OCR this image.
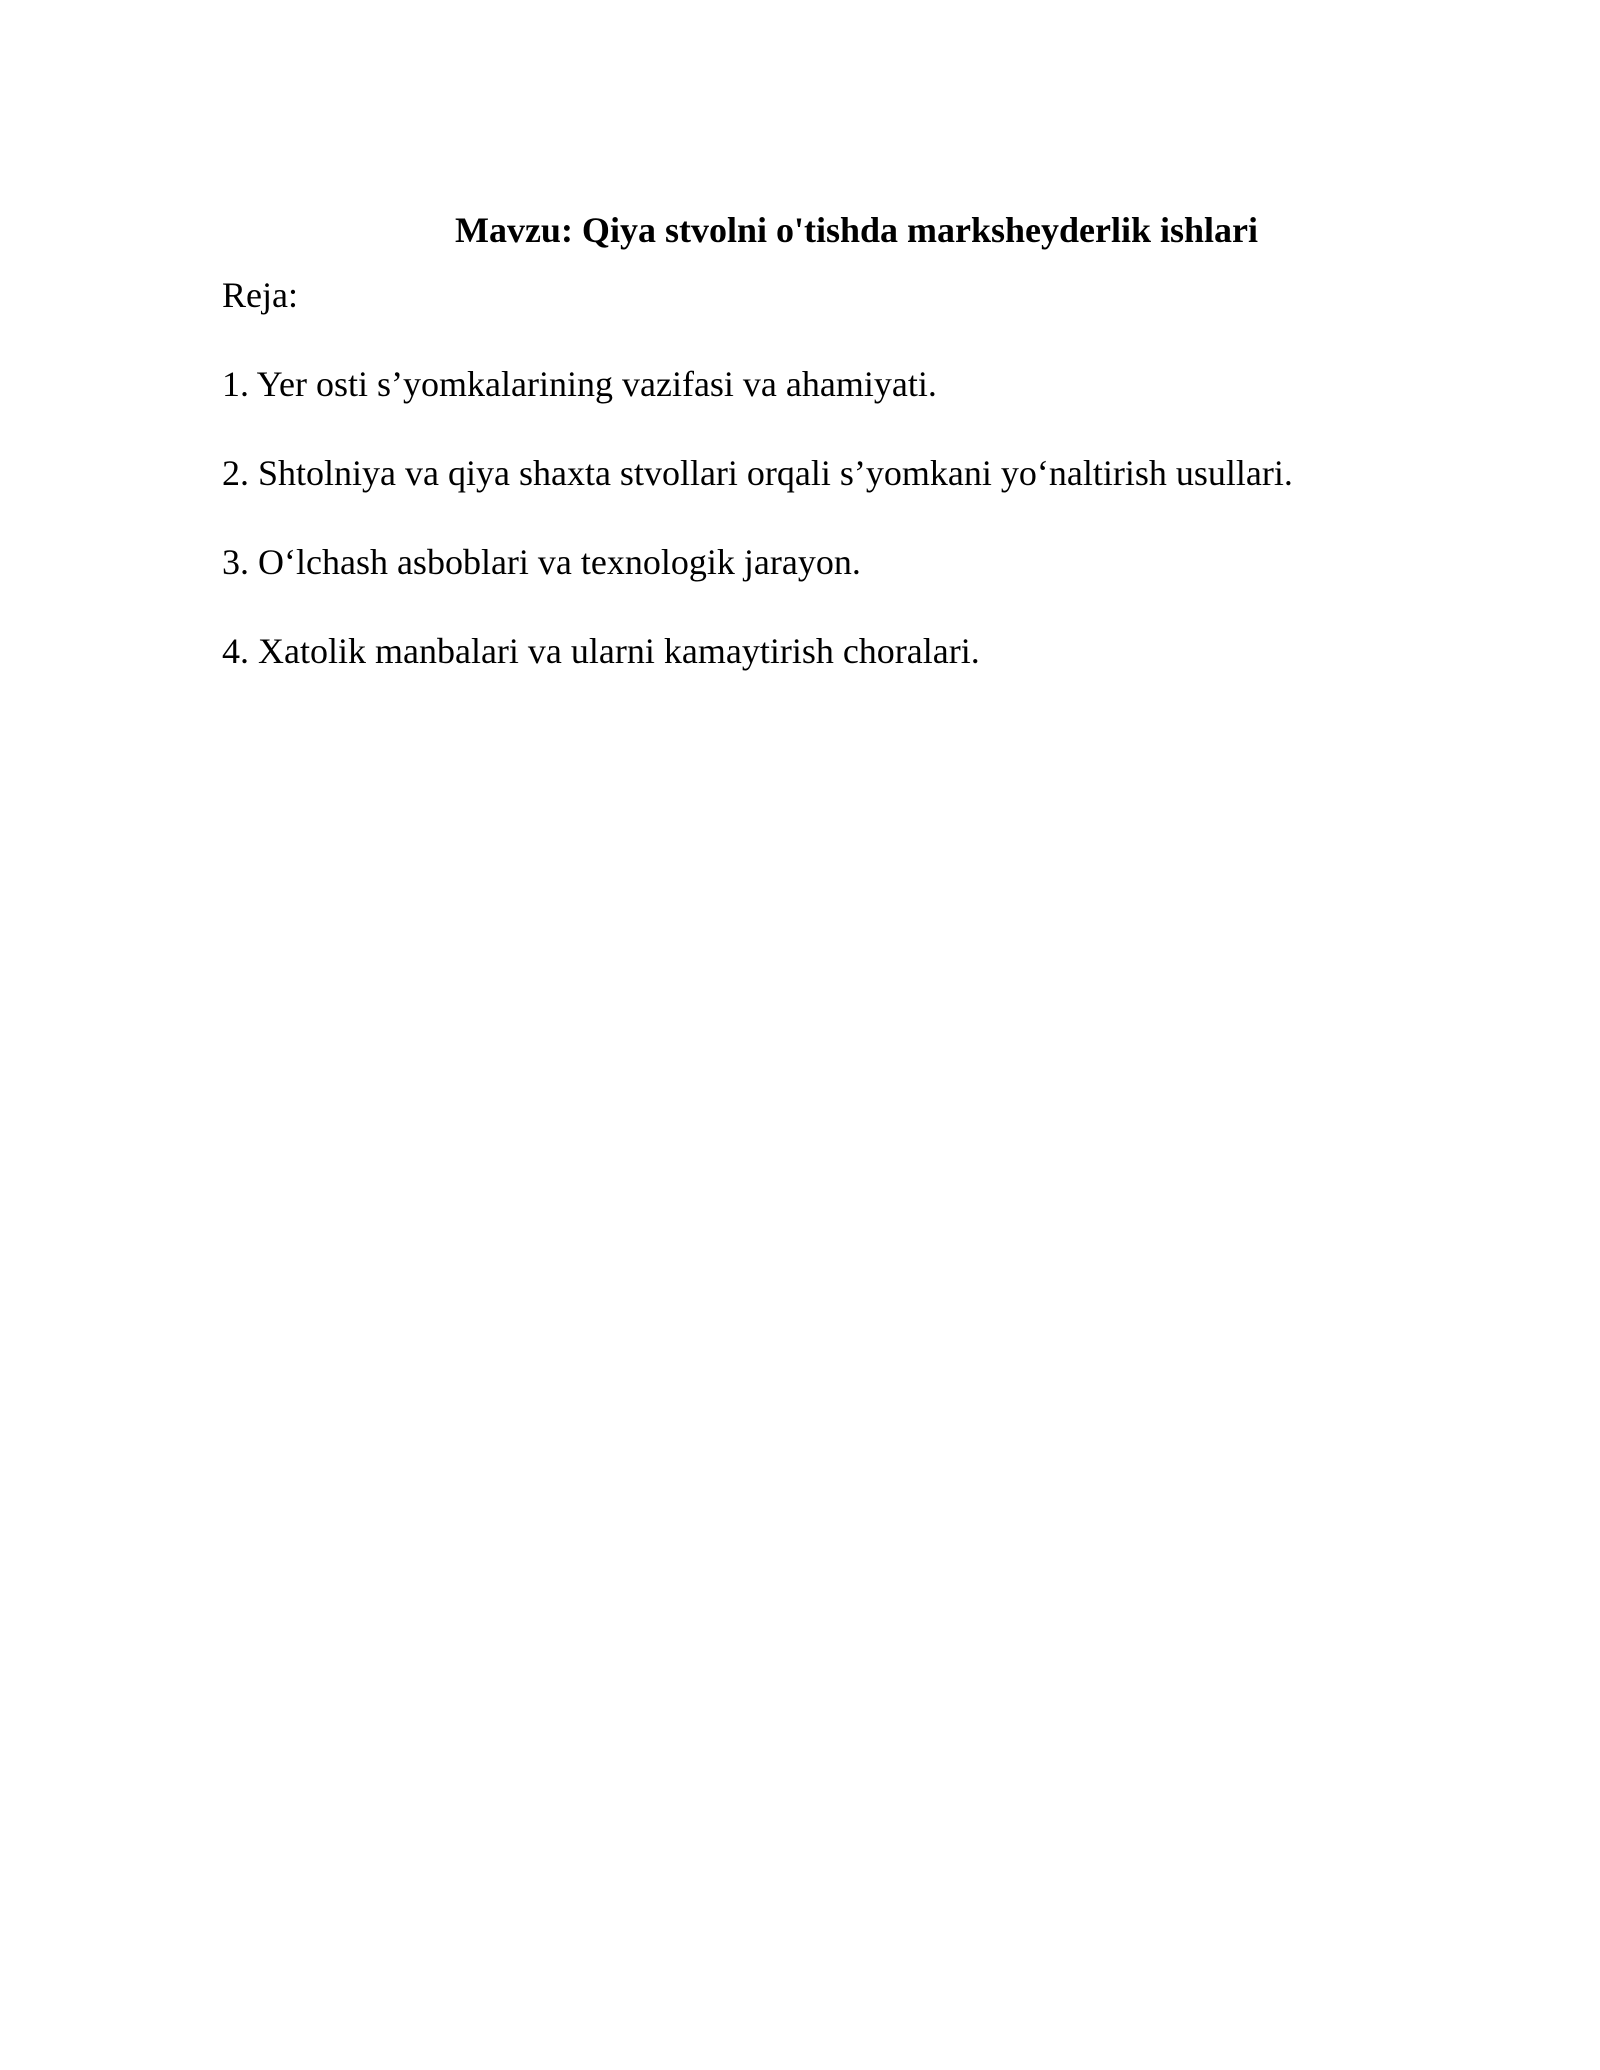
Mavzu: Qiya stvolni o'tishda marksheyderlik ishlari
Reja:
1. Yer osti s’yomkalarining vazifasi va ahamiyati.
2. Shtolniya va qiya shaxta stvollari orqali s’yomkani yo‘naltirish usullari.
3. O‘lchash asboblari va texnologik jarayon.
4. Xatolik manbalari va ularni kamaytirish choralari.
